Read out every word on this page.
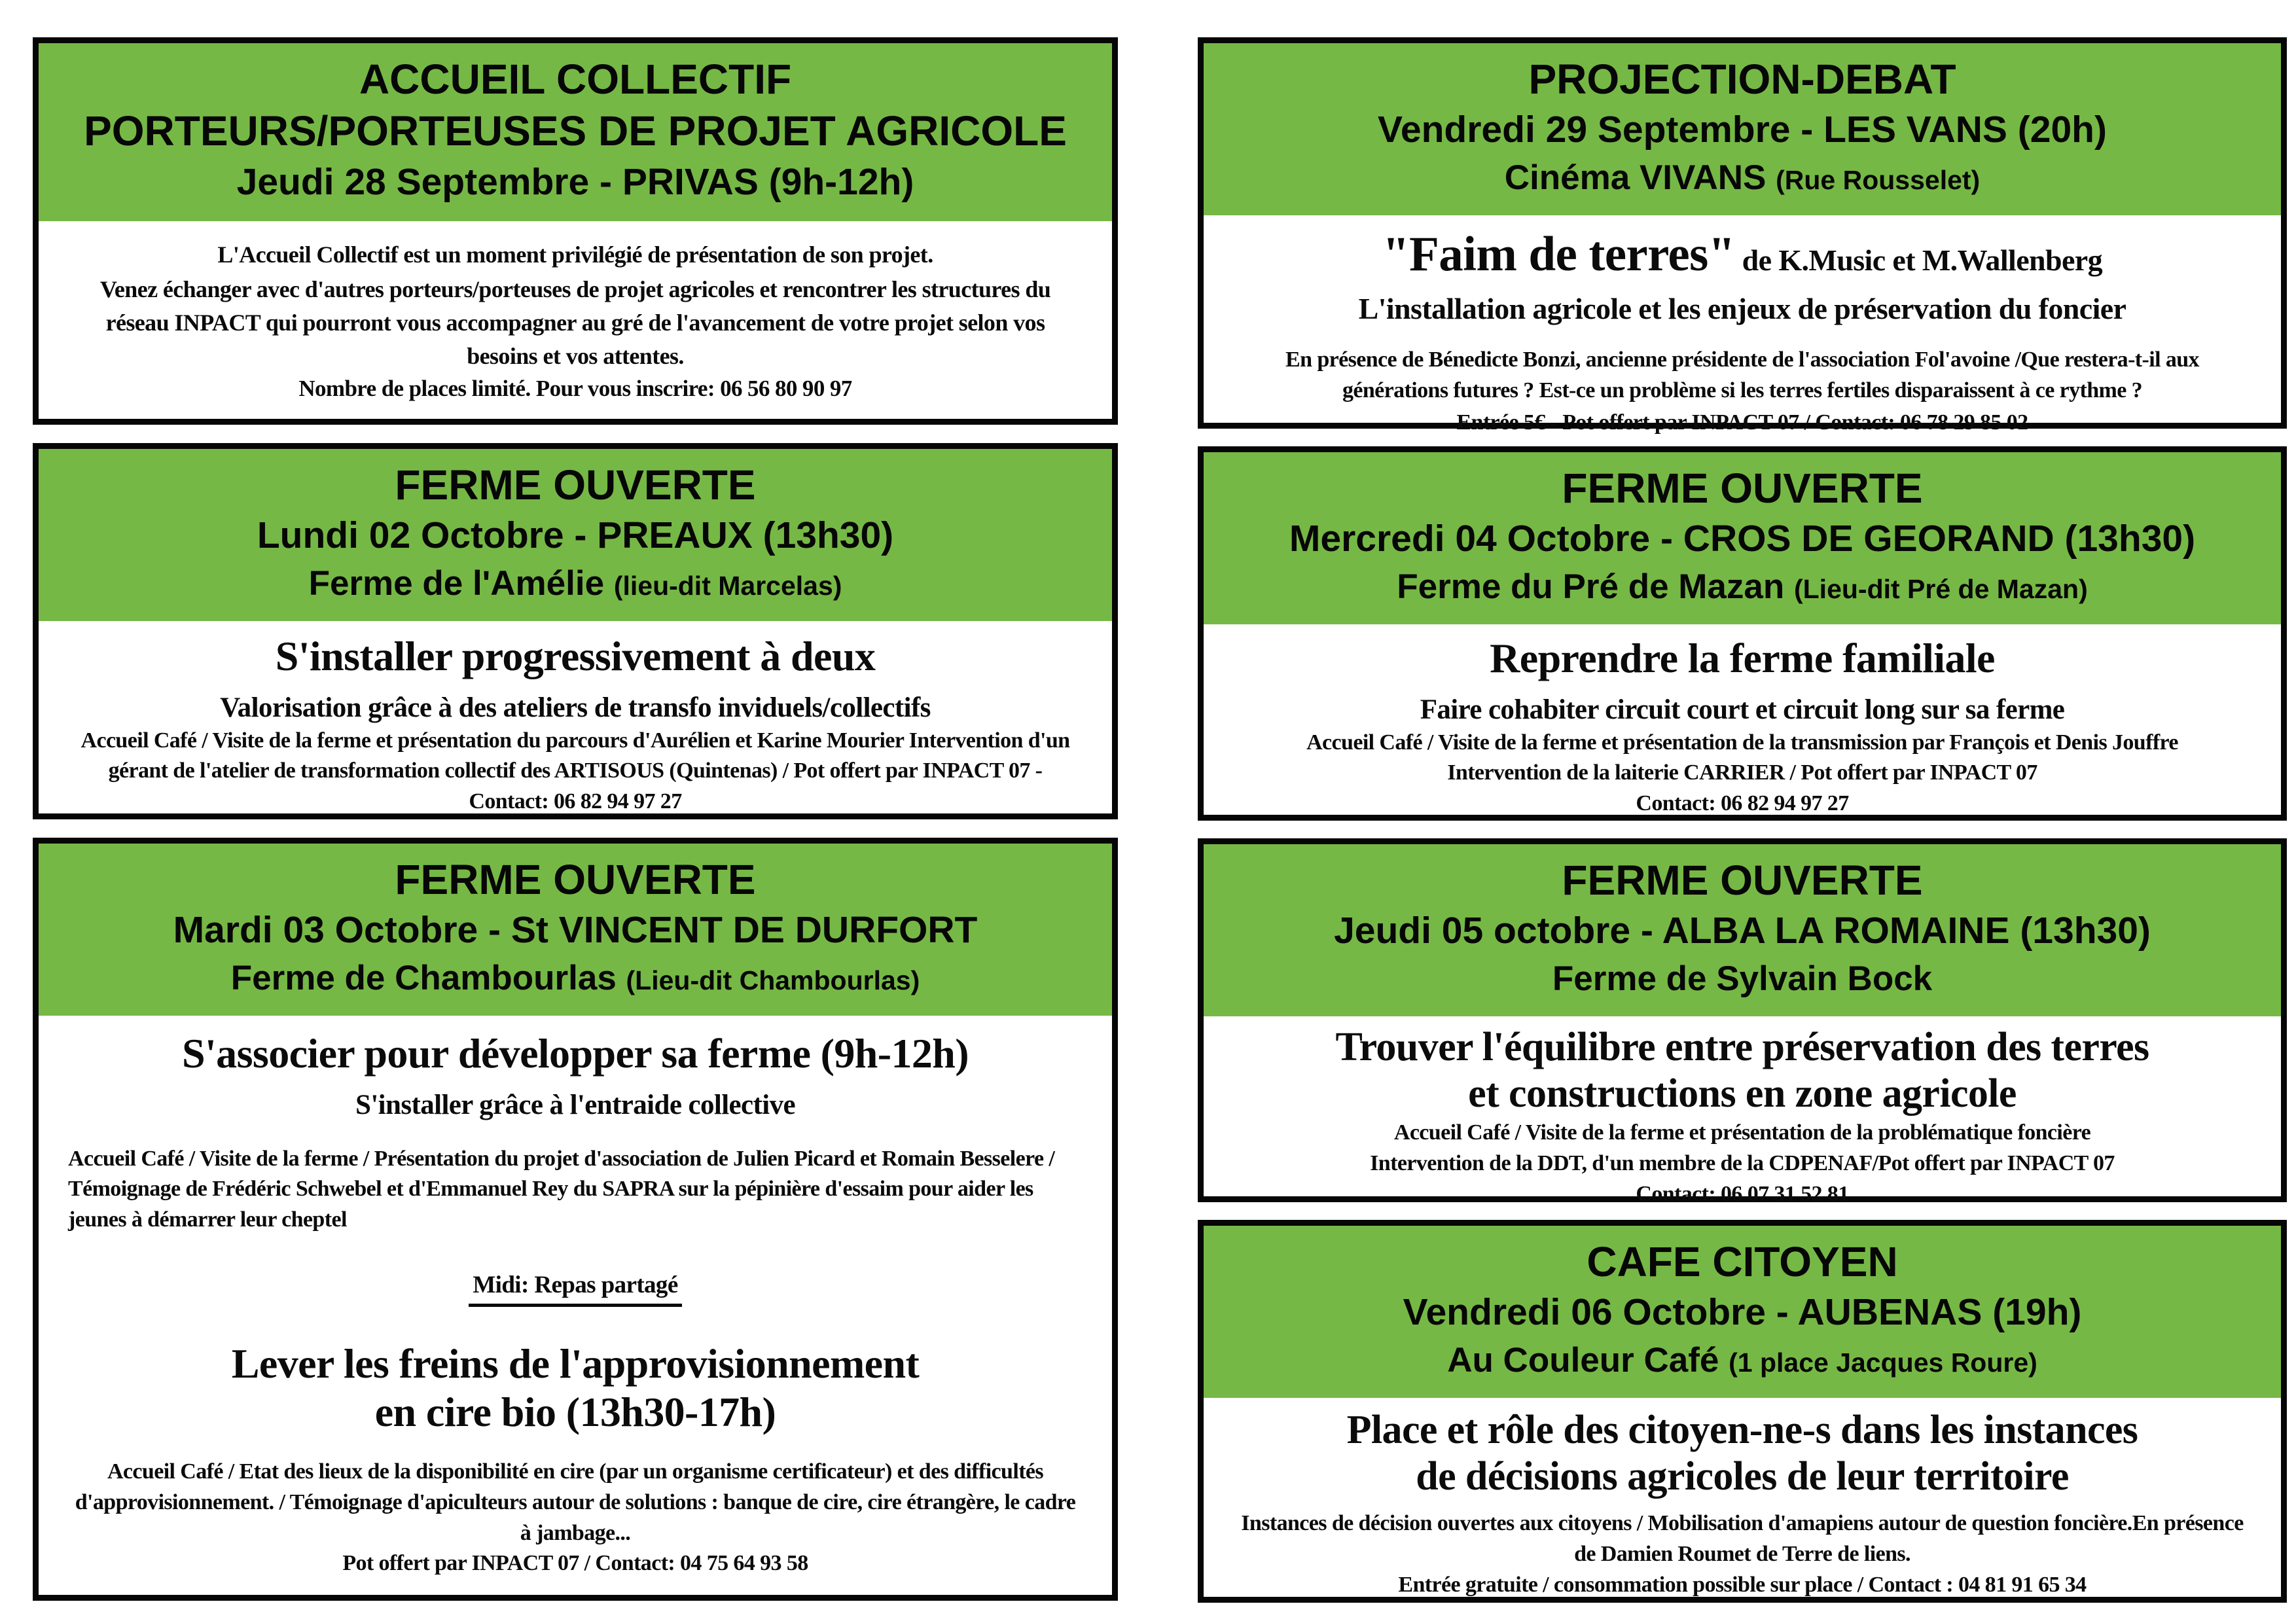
ACCUEIL COLLECTIF
PORTEURS/PORTEUSES DE PROJET AGRICOLE
Jeudi 28 Septembre - PRIVAS (9h-12h)
L'Accueil Collectif est un moment privilégié de présentation de son projet.
Venez échanger avec d'autres porteurs/porteuses de projet agricoles et rencontrer les structures du réseau INPACT qui pourront vous accompagner au gré de l'avancement de votre projet selon vos besoins et vos attentes.
Nombre de places limité. Pour vous inscrire: 06 56 80 90 97
FERME OUVERTE
Lundi 02 Octobre - PREAUX (13h30)
Ferme de l'Amélie (lieu-dit Marcelas)
S'installer progressivement à deux
Valorisation grâce à des ateliers de transfo inviduels/collectifs
Accueil Café / Visite de la ferme et présentation du parcours d'Aurélien et Karine Mourier Intervention d'un gérant de l'atelier de transformation collectif des ARTISOUS (Quintenas) / Pot offert par INPACT 07 - Contact: 06 82 94 97 27
FERME OUVERTE
Mardi 03 Octobre - St VINCENT DE DURFORT
Ferme de Chambourlas (Lieu-dit Chambourlas)
S'associer pour développer sa ferme (9h-12h)
S'installer grâce à l'entraide collective
Accueil Café / Visite de la ferme / Présentation du projet d'association de Julien Picard et Romain Besselere / Témoignage de Frédéric Schwebel et d'Emmanuel Rey du SAPRA sur la pépinière d'essaim pour aider les jeunes à démarrer leur cheptel
Midi: Repas partagé
Lever les freins de l'approvisionnement
en cire bio (13h30-17h)
Accueil Café / Etat des lieux de la disponibilité en cire (par un organisme certificateur) et des difficultés d'approvisionnement. / Témoignage d'apiculteurs autour de solutions : banque de cire, cire étrangère, le cadre à jambage...
Pot offert par INPACT 07 / Contact: 04 75 64 93 58
PROJECTION-DEBAT
Vendredi 29 Septembre - LES VANS (20h)
Cinéma VIVANS (Rue Rousselet)
"Faim de terres" de K.Music et M.Wallenberg
L'installation agricole et les enjeux de préservation du foncier
En présence de Bénedicte Bonzi, ancienne présidente de l'association Fol'avoine /Que restera-t-il aux générations futures ? Est-ce un problème si les terres fertiles disparaissent à ce rythme ?
Entrée 5€ - Pot offert par INPACT 07 / Contact: 06 78 29 85 02
FERME OUVERTE
Mercredi 04 Octobre - CROS DE GEORAND (13h30)
Ferme du Pré de Mazan (Lieu-dit Pré de Mazan)
Reprendre la ferme familiale
Faire cohabiter circuit court et circuit long sur sa ferme
Accueil Café / Visite de la ferme et présentation de la transmission par François et Denis Jouffre
Intervention de la laiterie CARRIER / Pot offert par INPACT 07
Contact: 06 82 94 97 27
FERME OUVERTE
Jeudi 05 octobre - ALBA LA ROMAINE (13h30)
Ferme de Sylvain Bock
Trouver l'équilibre entre préservation des terres
et constructions en zone agricole
Accueil Café / Visite de la ferme et présentation de la problématique foncière
Intervention de la DDT, d'un membre de la CDPENAF/Pot offert par INPACT 07
Contact: 06 07 31 52 81
CAFE CITOYEN
Vendredi 06 Octobre - AUBENAS (19h)
Au Couleur Café (1 place Jacques Roure)
Place et rôle des citoyen-ne-s dans les instances
de décisions agricoles de leur territoire
Instances de décision ouvertes aux citoyens / Mobilisation d'amapiens autour de question foncière.En présence de Damien Roumet de Terre de liens.
Entrée gratuite / consommation possible sur place / Contact : 04 81 91 65 34
